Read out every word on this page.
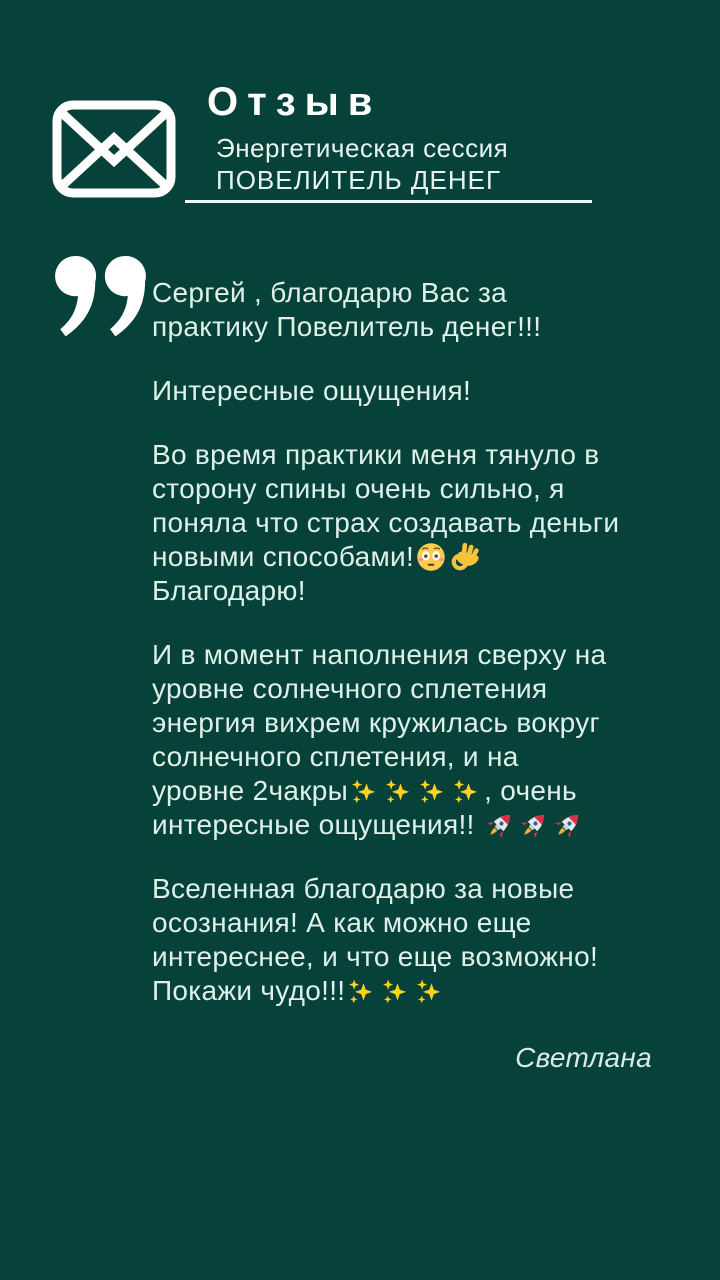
Отзыв
Энергетическая сессия
ПОВЕЛИТЕЛЬ ДЕНЕГ

Сергей , благодарю Вас за
практику Повелитель денег!!!

Интересные ощущения!

Во время практики меня тянуло в
сторону спины очень сильно, я
поняла что страх создавать деньги
новыми способами!
Благодарю!

И в момент наполнения сверху на
уровне солнечного сплетения
энергия вихрем кружилась вокруг
солнечного сплетения, и на
уровне 2чакры	, очень
интересные ощущения!!

Вселенная благодарю за новые
осознания! А как можно еще
интереснее, и что еще возможно!
Покажи чудо!!!

Светлана
